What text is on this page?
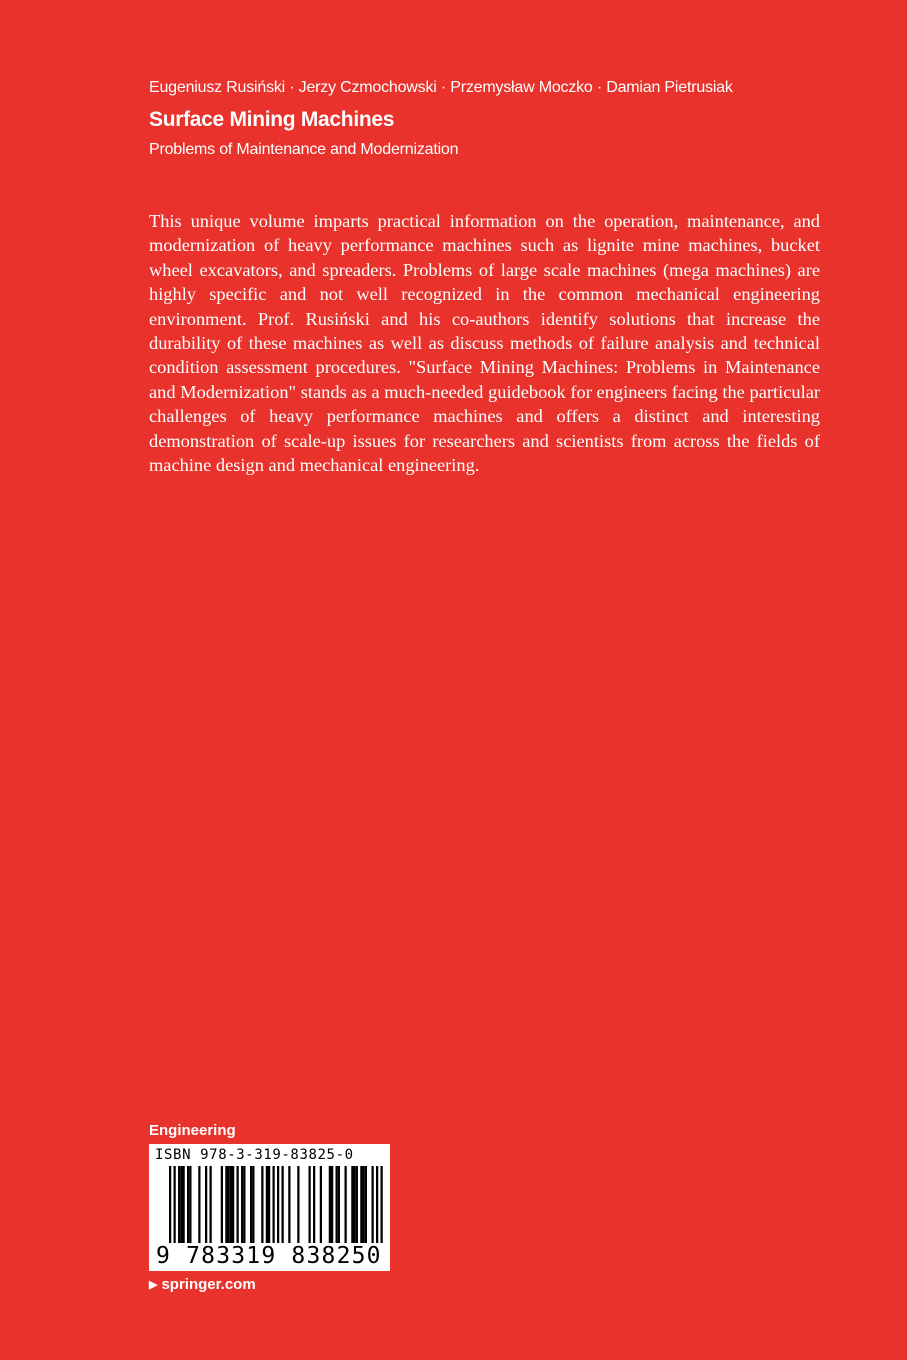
Eugeniusz Rusiński · Jerzy Czmochowski · Przemysław Moczko · Damian Pietrusiak
Surface Mining Machines
Problems of Maintenance and Modernization

This unique volume imparts practical information on the operation, maintenance, and modernization of heavy performance machines such as lignite mine machines, bucket wheel excavators, and spreaders. Problems of large scale machines (mega machines) are highly specific and not well recognized in the common mechanical engineering environment. Prof. Rusiński and his co-authors identify solutions that increase the durability of these machines as well as discuss methods of failure analysis and technical condition assessment procedures. "Surface Mining Machines: Problems in Maintenance and Modernization" stands as a much-needed guidebook for engineers facing the particular challenges of heavy performance machines and offers a distinct and interesting demonstration of scale-up issues for researchers and scientists from across the fields of machine design and mechanical engineering.

Engineering
ISBN 978-3-319-83825-0
9 783319 838250
▶ springer.com
